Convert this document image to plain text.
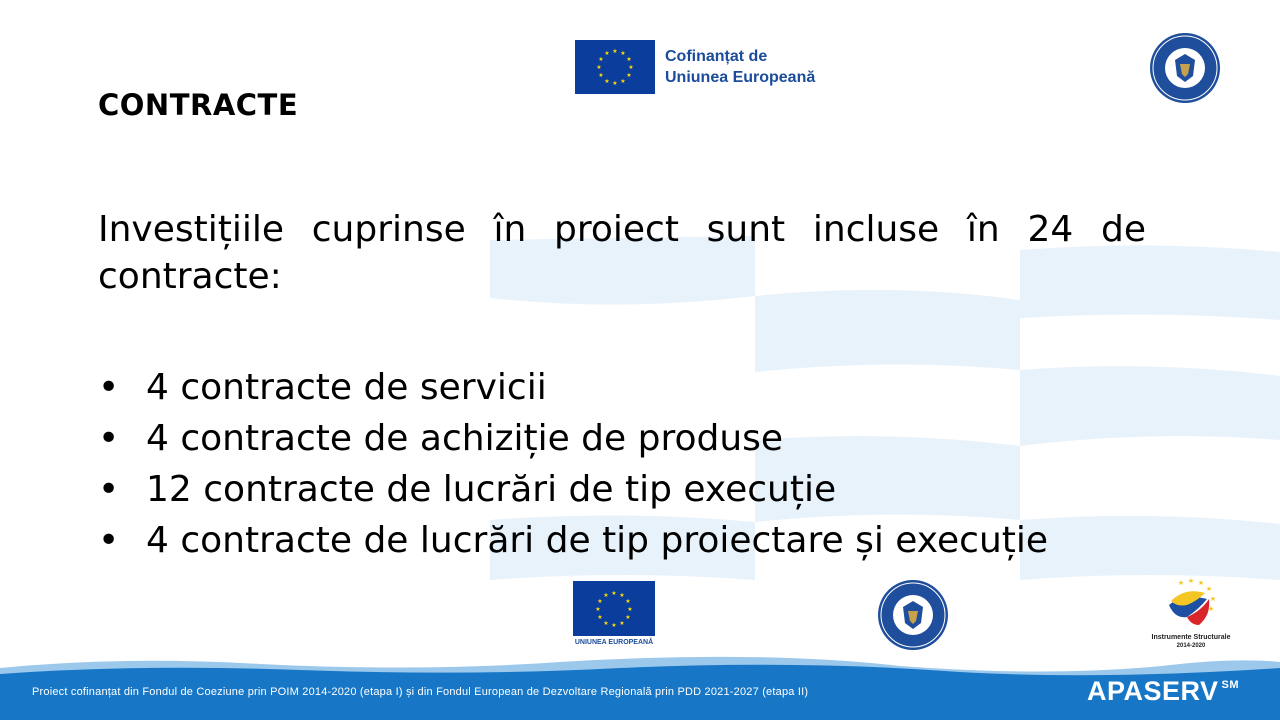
★ ★
★
★
★
★
★
★
★
★
★
★	Cofinanțat de
Uniunea Europeană
CONTRACTE
Investițiile cuprinse în proiect sunt incluse în 24 de contracte:
• 4 contracte de servicii
• 4 contracte de achiziție de produse
• 12 contracte de lucrări de tip execuție
• 4 contracte de lucrări de tip proiectare și execuție
★ ★
★
★
★
★
★
★
★
★
★
★
UNIUNEA EUROPEANĂ
★ ★
★
★
★
★
Instrumente Structurale
2014-2020
Proiect cofinanțat din Fondul de Coeziune prin POIM 2014-2020 (etapa I) și din Fondul European de Dezvoltare Regională prin PDD 2021-2027 (etapa II)	APASERV ℠
